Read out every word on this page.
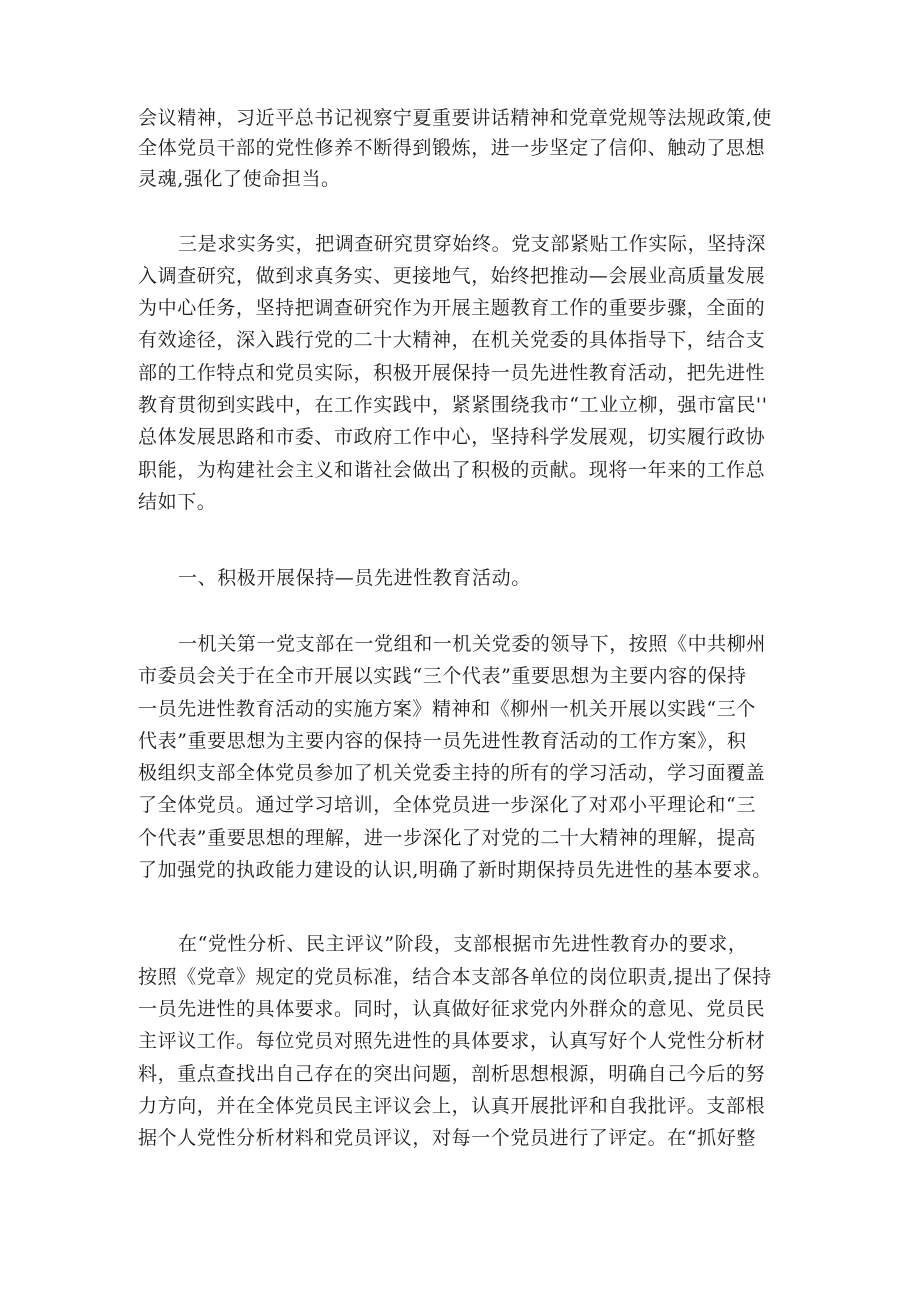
会议精神，习近平总书记视察宁夏重要讲话精神和党章党规等法规政策,使
全体党员干部的党性修养不断得到锻炼，进一步坚定了信仰、触动了思想
灵魂,强化了使命担当。
三是求实务实，把调查研究贯穿始终。党支部紧贴工作实际，坚持深
入调查研究，做到求真务实、更接地气，始终把推动—会展业高质量发展
为中心任务，坚持把调查研究作为开展主题教育工作的重要步骤，全面的
有效途径，深入践行党的二十大精神，在机关党委的具体指导下，结合支
部的工作特点和党员实际，积极开展保持一员先进性教育活动，把先进性
教育贯彻到实践中，在工作实践中，紧紧围绕我市“工业立柳，强市富民''
总体发展思路和市委、市政府工作中心，坚持科学发展观，切实履行政协
职能，为构建社会主义和谐社会做出了积极的贡献。现将一年来的工作总
结如下。
一、积极开展保持—员先进性教育活动。
一机关第一党支部在一党组和一机关党委的领导下，按照《中共柳州
市委员会关于在全市开展以实践“三个代表”重要思想为主要内容的保持
一员先进性教育活动的实施方案》精神和《柳州一机关开展以实践“三个
代表”重要思想为主要内容的保持一员先进性教育活动的工作方案》，积
极组织支部全体党员参加了机关党委主持的所有的学习活动，学习面覆盖
了全体党员。通过学习培训，全体党员进一步深化了对邓小平理论和“三
个代表”重要思想的理解，进一步深化了对党的二十大精神的理解，提高
了加强党的执政能力建设的认识,明确了新时期保持员先进性的基本要求。
在“党性分析、民主评议”阶段，支部根据市先进性教育办的要求，
按照《党章》规定的党员标准，结合本支部各单位的岗位职责,提出了保持
一员先进性的具体要求。同时，认真做好征求党内外群众的意见、党员民
主评议工作。每位党员对照先进性的具体要求，认真写好个人党性分析材
料，重点查找出自己存在的突出问题，剖析思想根源，明确自己今后的努
力方向，并在全体党员民主评议会上，认真开展批评和自我批评。支部根
据个人党性分析材料和党员评议，对每一个党员进行了评定。在“抓好整
